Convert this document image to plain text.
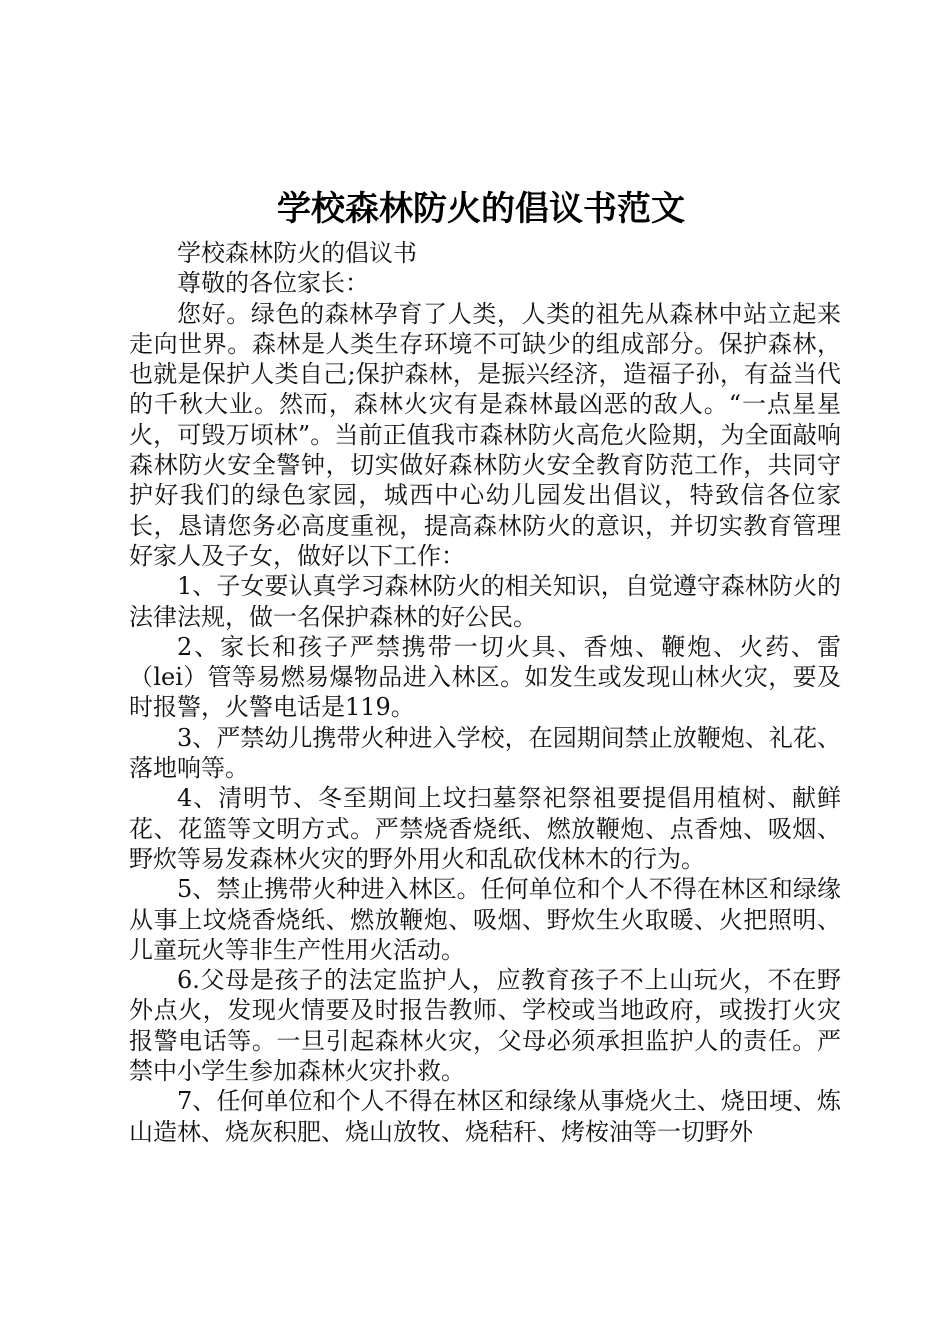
学校森林防火的倡议书范文

学校森林防火的倡议书

尊敬的各位家长：

您好。绿色的森林孕育了人类，人类的祖先从森林中站立起来走向世界。森林是人类生存环境不可缺少的组成部分。保护森林，也就是保护人类自己;保护森林，是振兴经济，造福子孙，有益当代的千秋大业。然而，森林火灾有是森林最凶恶的敌人。“一点星星火，可毁万顷林”。当前正值我市森林防火高危火险期，为全面敲响森林防火安全警钟，切实做好森林防火安全教育防范工作，共同守护好我们的绿色家园，城西中心幼儿园发出倡议，特致信各位家长，恳请您务必高度重视，提高森林防火的意识，并切实教育管理好家人及子女，做好以下工作：

1、子女要认真学习森林防火的相关知识，自觉遵守森林防火的法律法规，做一名保护森林的好公民。

2、家长和孩子严禁携带一切火具、香烛、鞭炮、火药、雷（lei）管等易燃易爆物品进入林区。如发生或发现山林火灾，要及时报警，火警电话是119。

3、严禁幼儿携带火种进入学校，在园期间禁止放鞭炮、礼花、落地响等。

4、清明节、冬至期间上坟扫墓祭祀祭祖要提倡用植树、献鲜花、花篮等文明方式。严禁烧香烧纸、燃放鞭炮、点香烛、吸烟、野炊等易发森林火灾的野外用火和乱砍伐林木的行为。

5、禁止携带火种进入林区。任何单位和个人不得在林区和绿缘从事上坟烧香烧纸、燃放鞭炮、吸烟、野炊生火取暖、火把照明、儿童玩火等非生产性用火活动。

6.父母是孩子的法定监护人，应教育孩子不上山玩火，不在野外点火，发现火情要及时报告教师、学校或当地政府，或拨打火灾报警电话等。一旦引起森林火灾，父母必须承担监护人的责任。严禁中小学生参加森林火灾扑救。

7、任何单位和个人不得在林区和绿缘从事烧火土、烧田埂、炼山造林、烧灰积肥、烧山放牧、烧秸秆、烤桉油等一切野外
